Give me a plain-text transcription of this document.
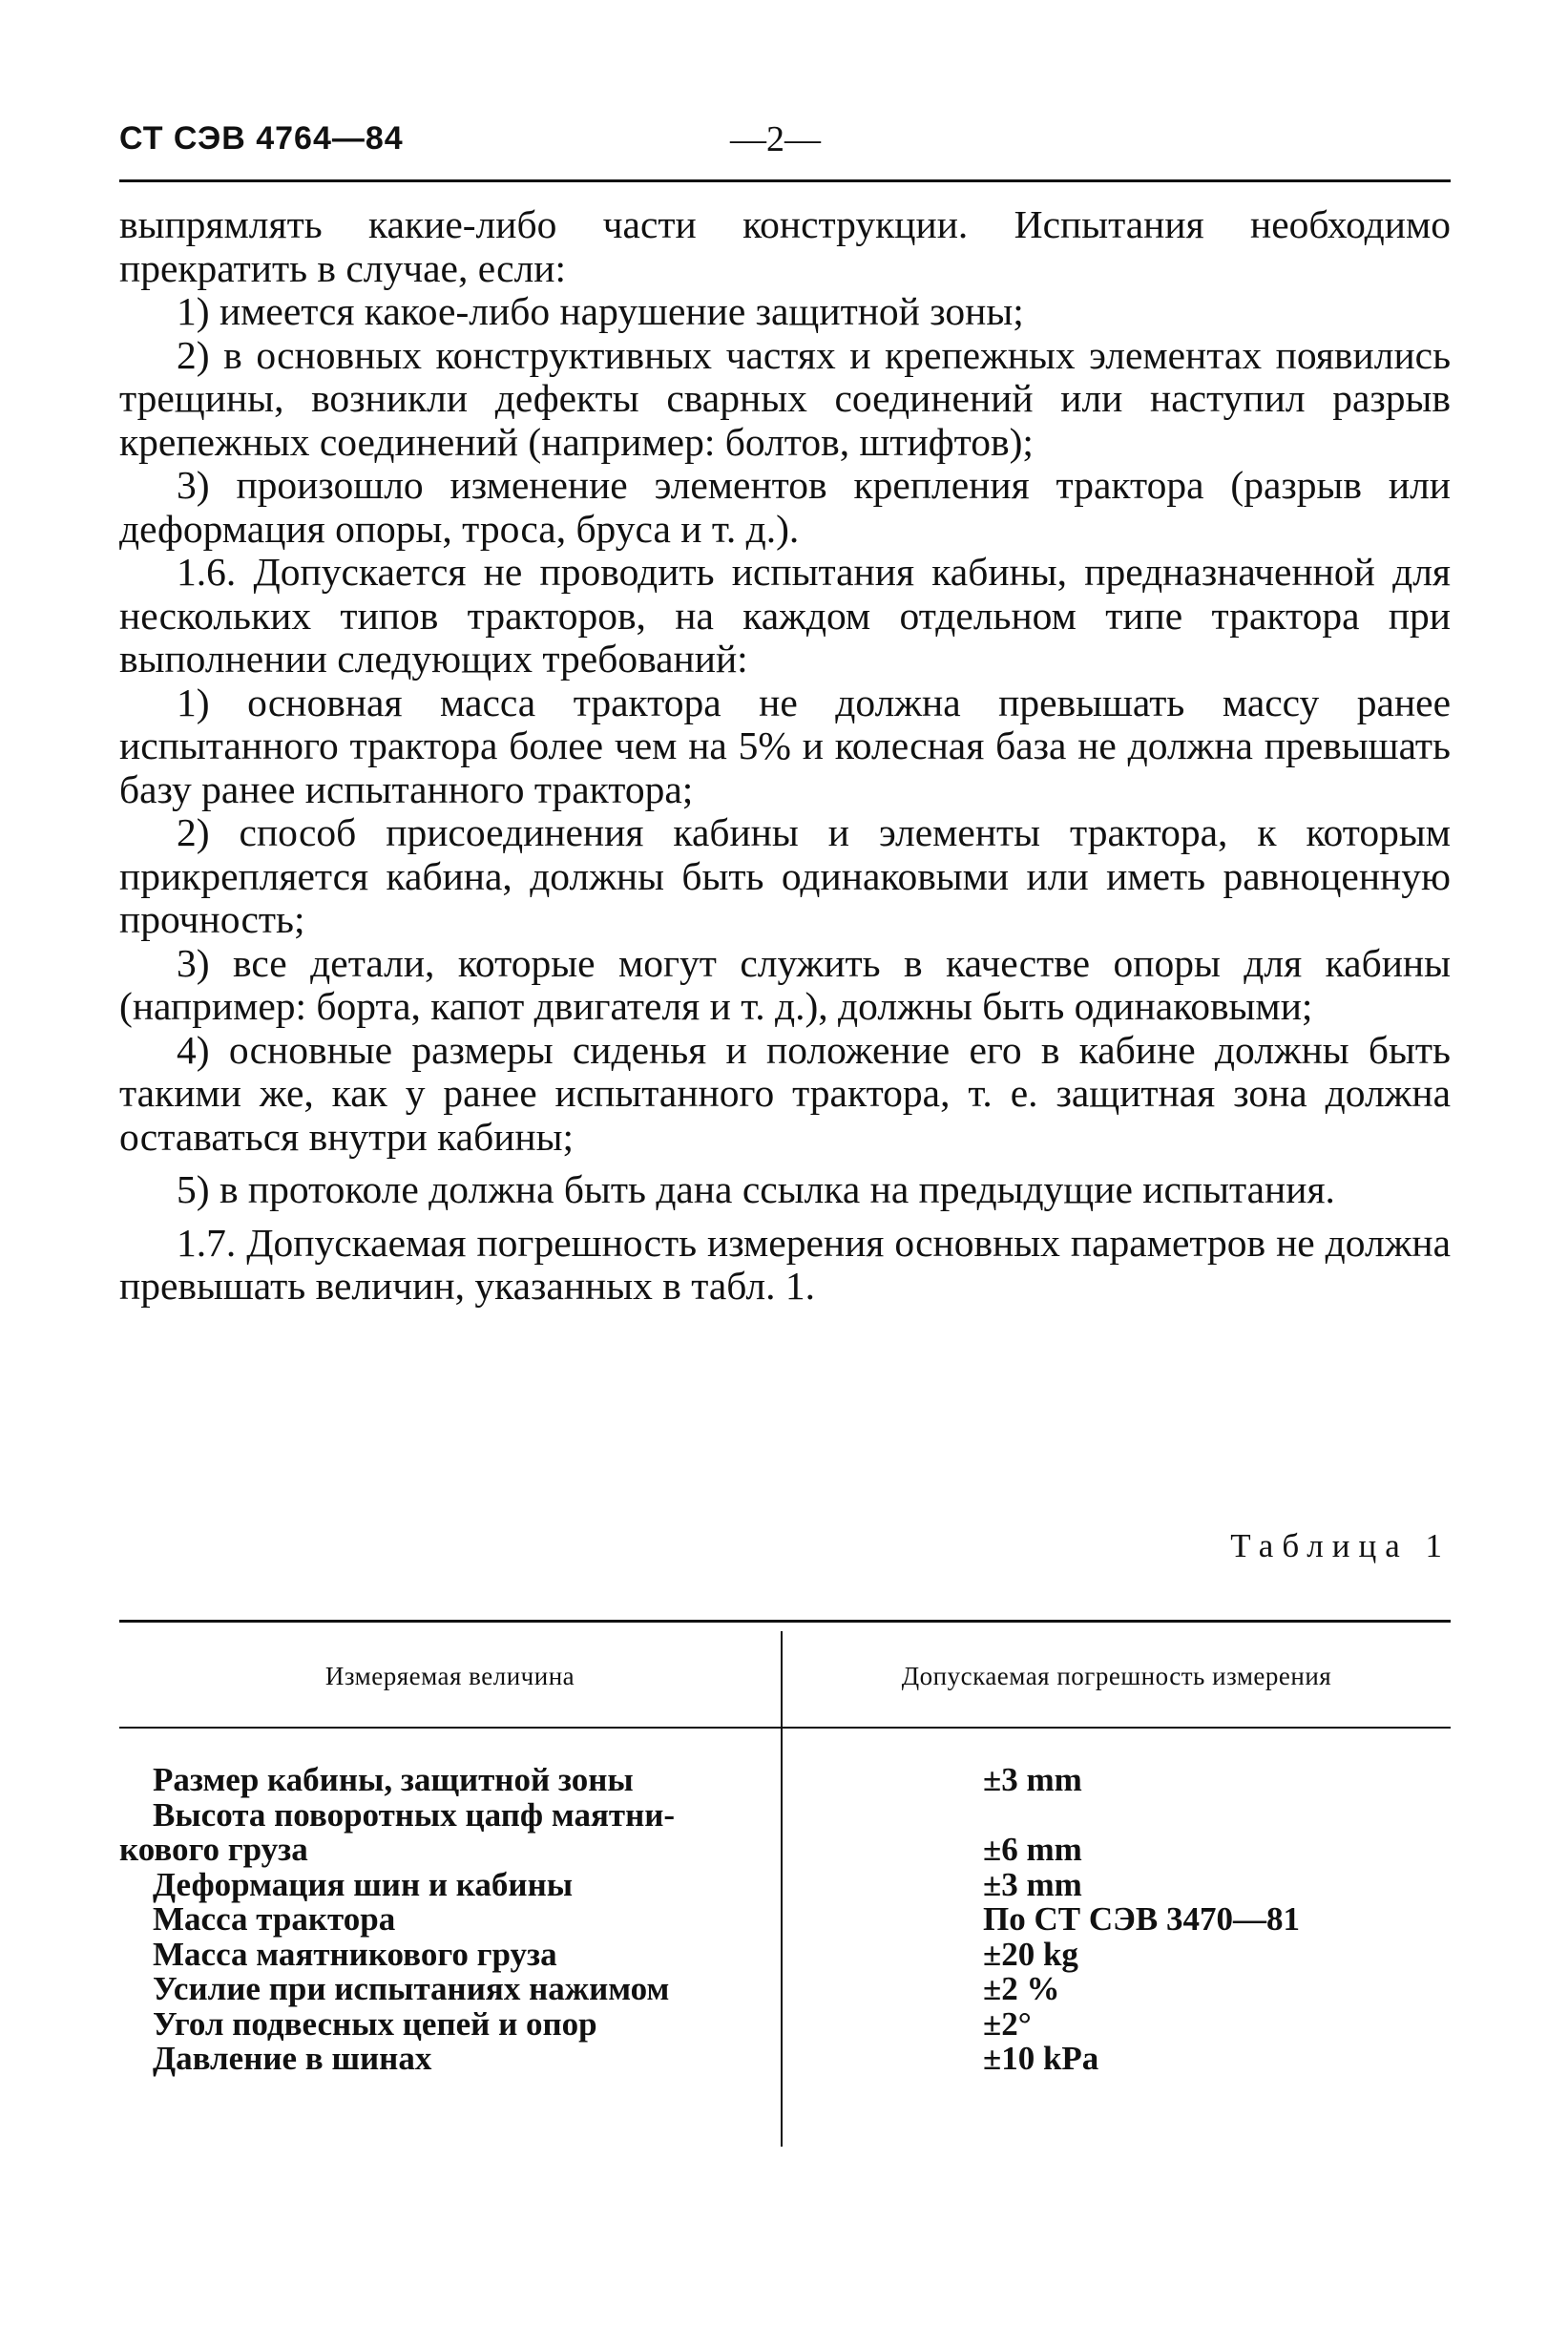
СТ СЭВ 4764—84	—2—

выпрямлять какие-либо части конструкции. Испытания необходимо прекратить в случае, если:

1) имеется какое-либо нарушение защитной зоны;

2) в основных конструктивных частях и крепежных элементах появились трещины, возникли дефекты сварных соединений или наступил разрыв крепежных соединений (например: болтов, штифтов);

3) произошло изменение элементов крепления трактора (разрыв или деформация опоры, троса, бруса и т. д.).

1.6. Допускается не проводить испытания кабины, предназначенной для нескольких типов тракторов, на каждом отдельном типе трактора при выполнении следующих требований:

1) основная масса трактора не должна превышать массу ранее испытанного трактора более чем на 5% и колесная база не должна превышать базу ранее испытанного трактора;

2) способ присоединения кабины и элементы трактора, к которым прикрепляется кабина, должны быть одинаковыми или иметь равноценную прочность;

3) все детали, которые могут служить в качестве опоры для кабины (например: борта, капот двигателя и т. д.), должны быть одинаковыми;

4) основные размеры сиденья и положение его в кабине должны быть такими же, как у ранее испытанного трактора, т. е. защитная зона должна оставаться внутри кабины;

5) в протоколе должна быть дана ссылка на предыдущие испытания.

1.7. Допускаемая погрешность измерения основных параметров не должна превышать величин, указанных в табл. 1.

Таблица 1
Измеряемая величина	Допускаемая погрешность измерения
Размер кабины, защитной зоны	±3 mm
Высота поворотных цапф маятни-
кового груза	±6 mm
Деформация шин и кабины	±3 mm
Масса трактора	По СТ СЭВ 3470—81
Масса маятникового груза	±20 kg
Усилие при испытаниях нажимом	±2 %
Угол подвесных цепей и опор	±2°
Давление в шинах	±10 kPa
